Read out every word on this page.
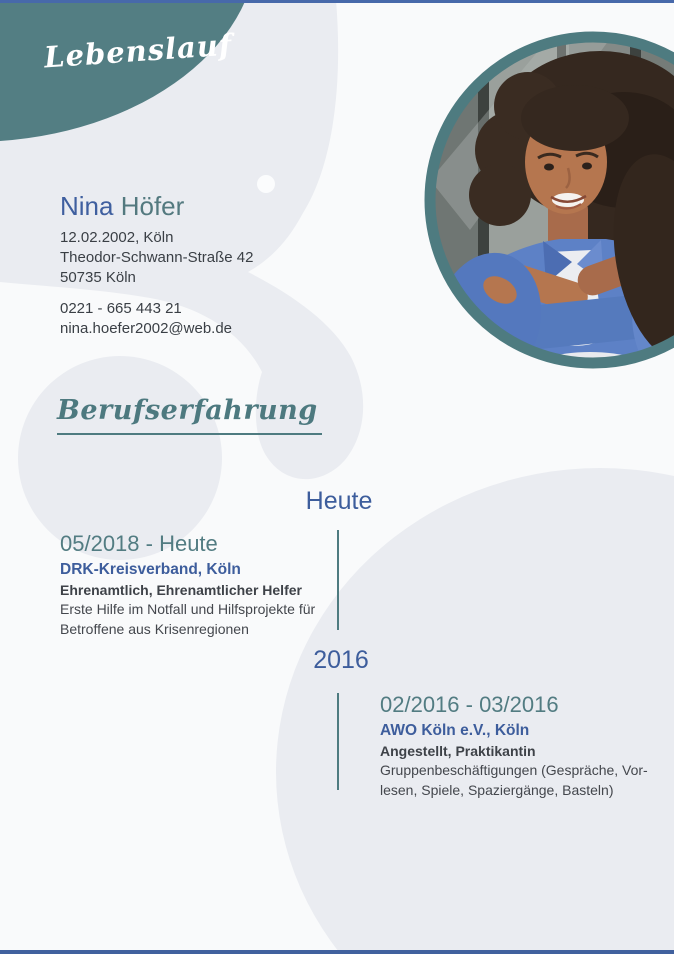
Lebenslauf
Nina Höfer
12.02.2002, Köln
Theodor-Schwann-Straße 42
50735 Köln
0221 - 665 443 21
nina.hoefer2002@web.de
Berufserfahrung
Heute
2016
05/2018 - Heute
DRK-Kreisverband, Köln
Ehrenamtlich, Ehrenamtlicher Helfer
Erste Hilfe im Notfall und Hilfsprojekte für
Betroffene aus Krisenregionen
02/2016 - 03/2016
AWO Köln e.V., Köln
Angestellt, Praktikantin
Gruppenbeschäftigungen (Gespräche, Vor-
lesen, Spiele, Spaziergänge, Basteln)
